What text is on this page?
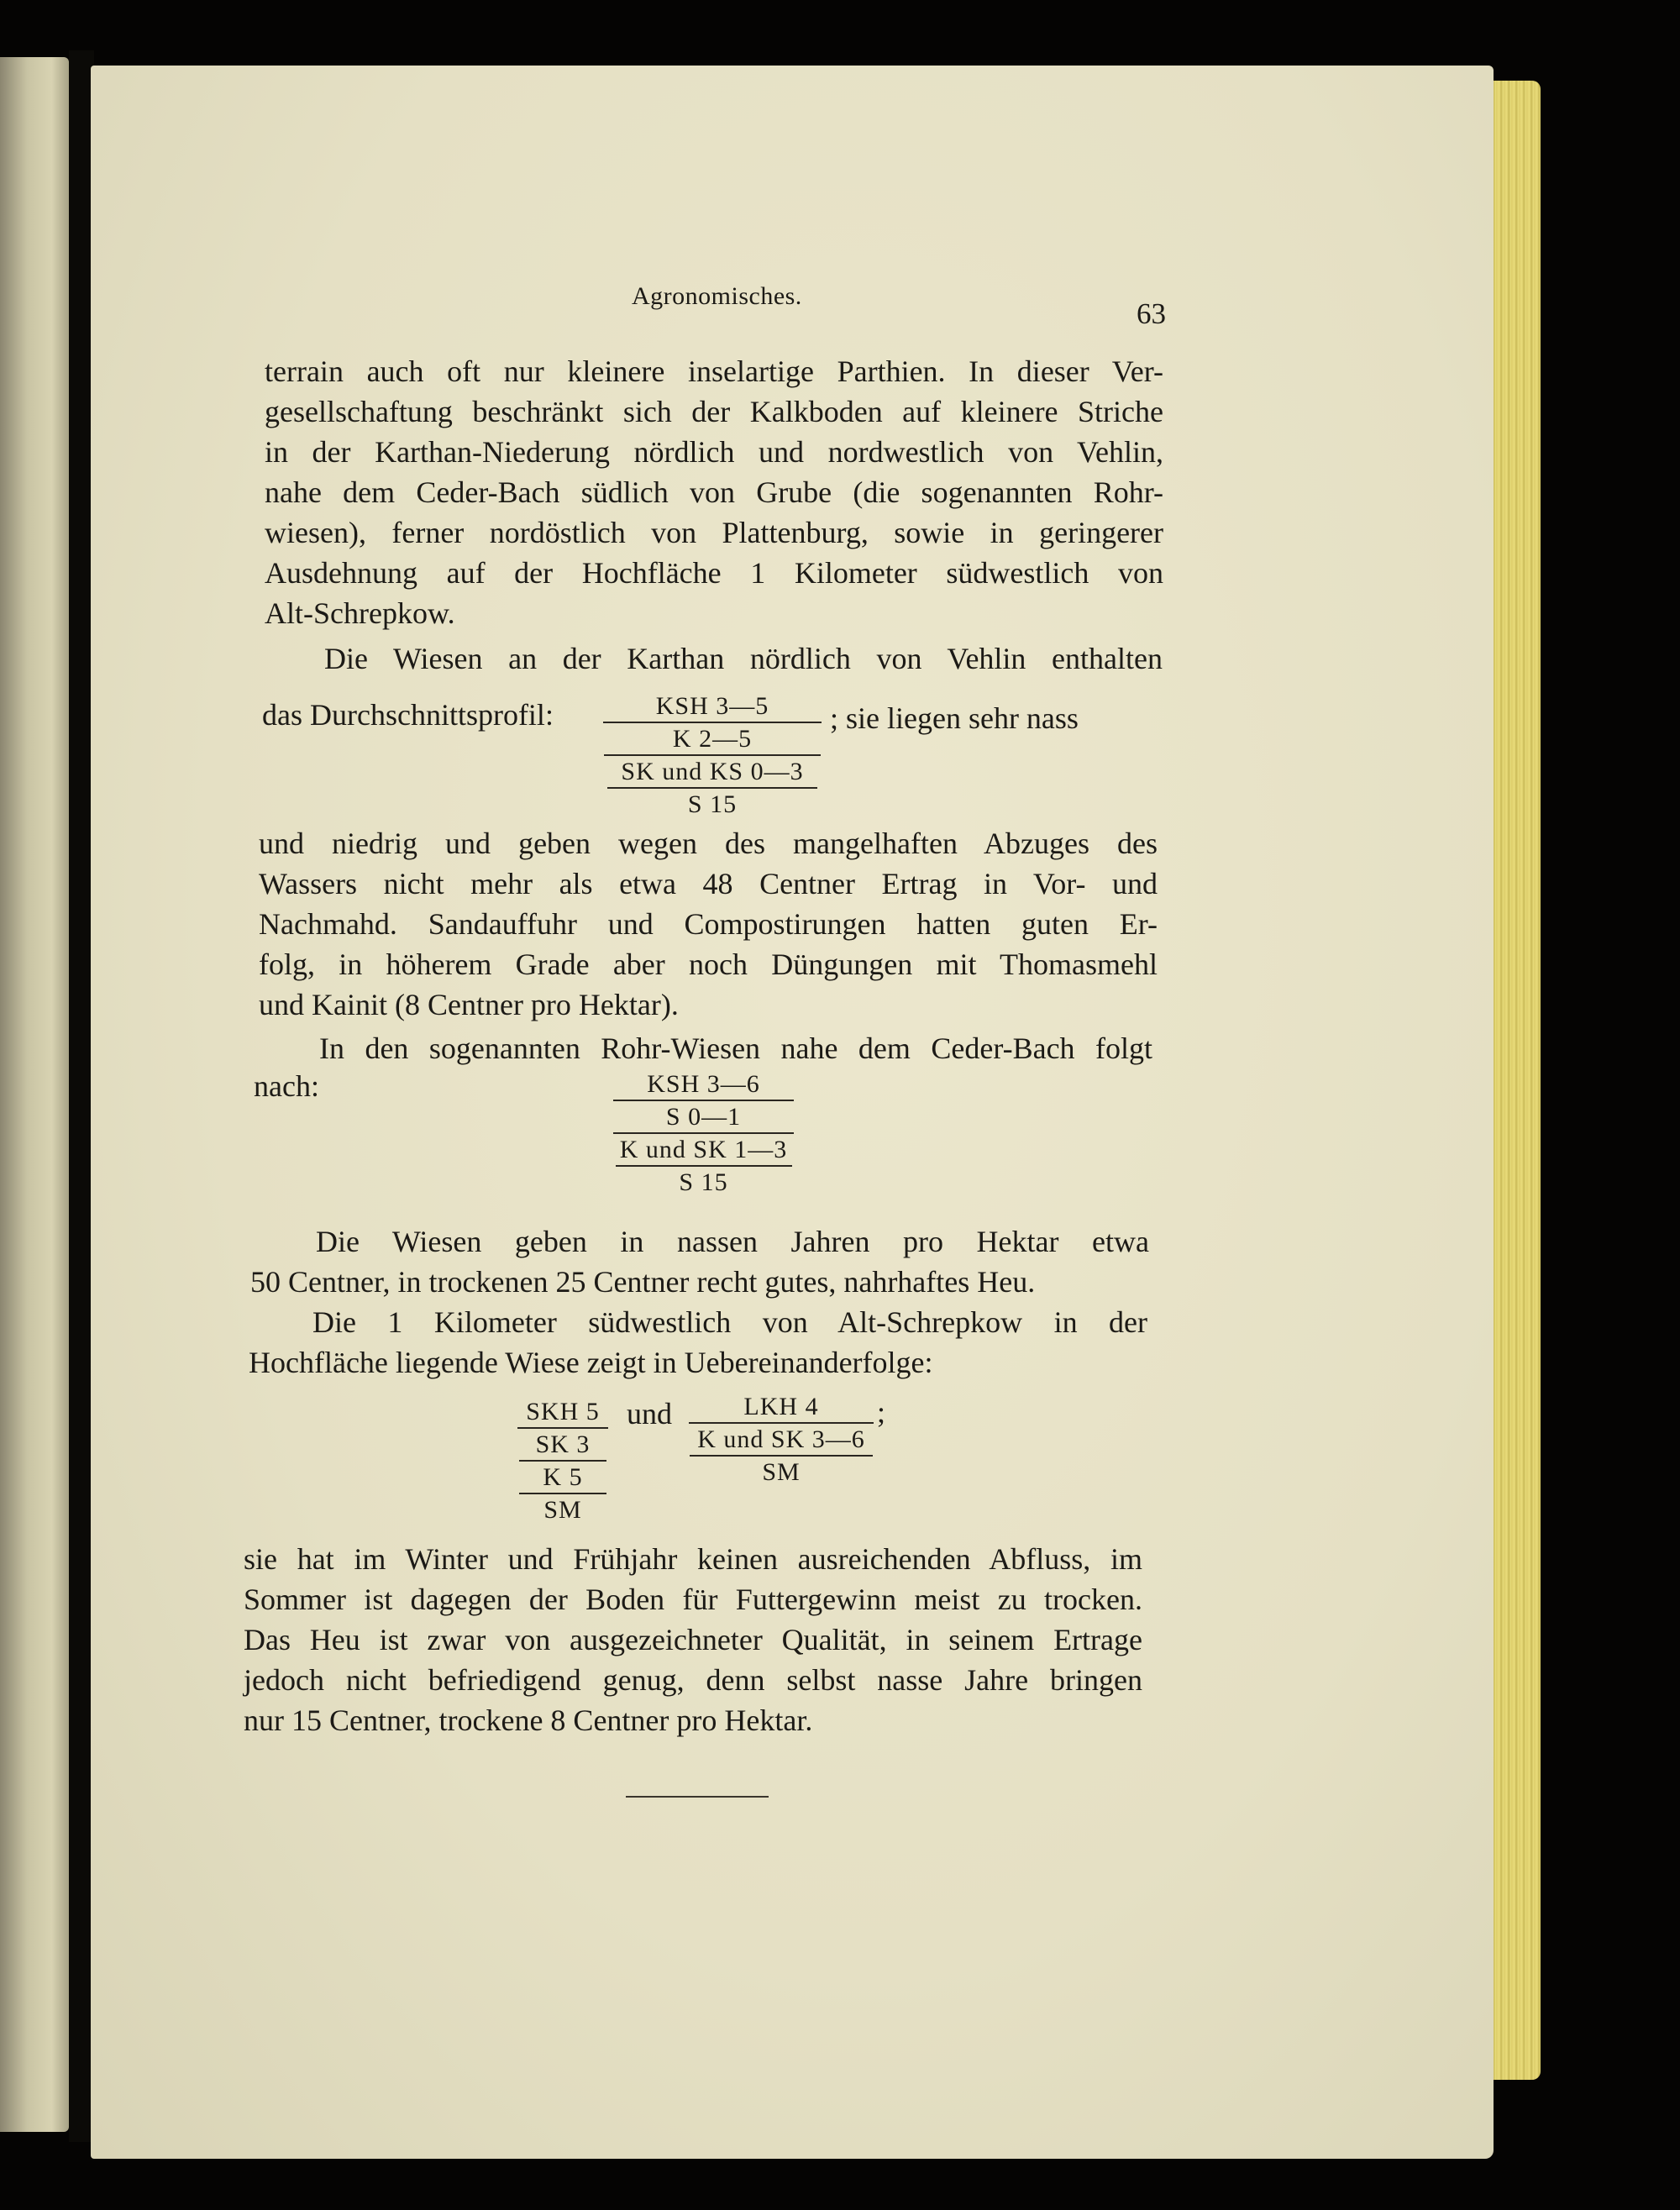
Agronomisches.
63
terrain auch oft nur kleinere inselartige Parthien. In dieser Ver-
gesellschaftung beschränkt sich der Kalkboden auf kleinere Striche
in der Karthan-Niederung nördlich und nordwestlich von Vehlin,
nahe dem Ceder-Bach südlich von Grube (die sogenannten Rohr-
wiesen), ferner nordöstlich von Plattenburg, sowie in geringerer
Ausdehnung auf der Hochfläche 1 Kilometer südwestlich von
Alt-Schrepkow.
Die Wiesen an der Karthan nördlich von Vehlin enthalten
das Durchschnittsprofil:	; sie liegen sehr nass
KSH 3—5
K 2—5
SK und KS 0—3
S 15
und niedrig und geben wegen des mangelhaften Abzuges des
Wassers nicht mehr als etwa 48 Centner Ertrag in Vor- und
Nachmahd. Sandauffuhr und Compostirungen hatten guten Er-
folg, in höherem Grade aber noch Düngungen mit Thomasmehl
und Kainit (8 Centner pro Hektar).
In den sogenannten Rohr-Wiesen nahe dem Ceder-Bach folgt
nach:	KSH 3—6
S 0—1
K und SK 1—3
S 15
Die Wiesen geben in nassen Jahren pro Hektar etwa
50 Centner, in trockenen 25 Centner recht gutes, nahrhaftes Heu.
Die 1 Kilometer südwestlich von Alt-Schrepkow in der
Hochfläche liegende Wiese zeigt in Uebereinanderfolge:
SKH 5
SK 3
K 5
SM
und	LKH 4
K und SK 3—6
SM
;
sie hat im Winter und Frühjahr keinen ausreichenden Abfluss, im
Sommer ist dagegen der Boden für Futtergewinn meist zu trocken.
Das Heu ist zwar von ausgezeichneter Qualität, in seinem Ertrage
jedoch nicht befriedigend genug, denn selbst nasse Jahre bringen
nur 15 Centner, trockene 8 Centner pro Hektar.
